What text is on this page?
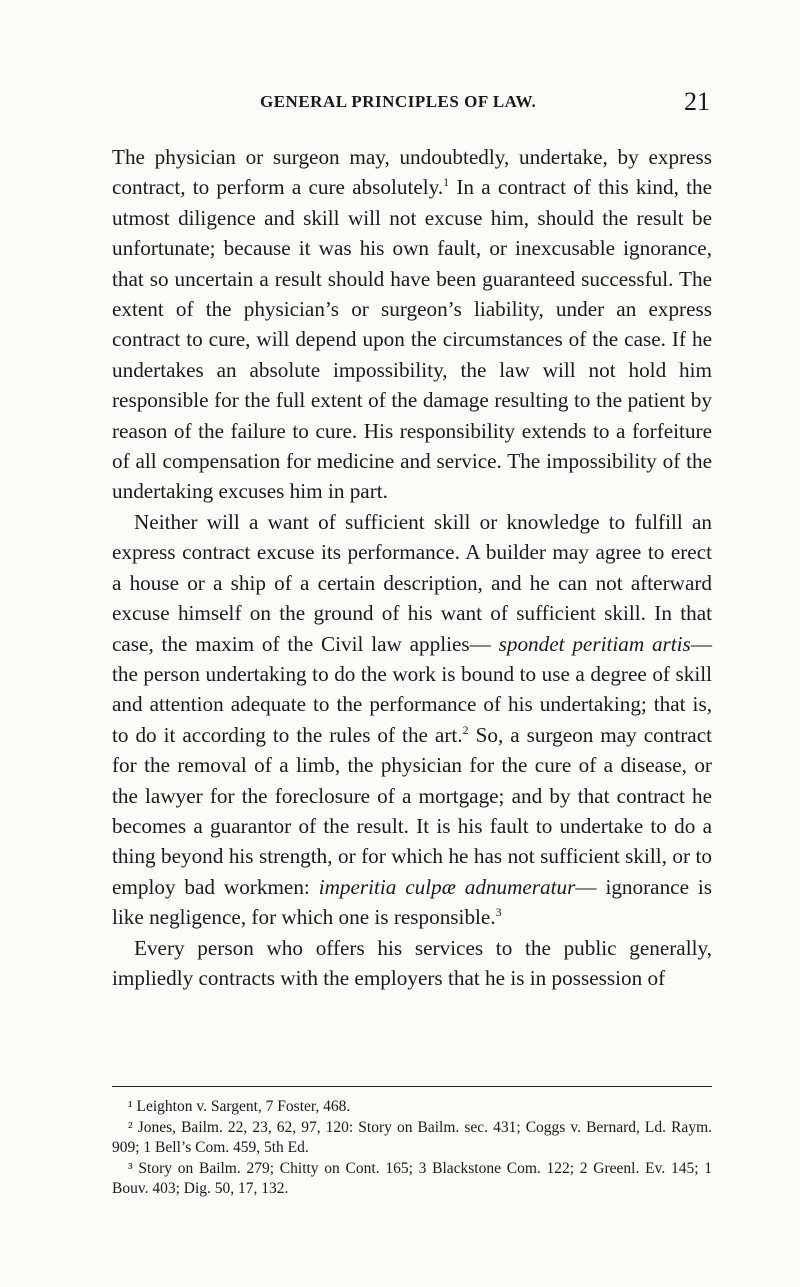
GENERAL PRINCIPLES OF LAW.	21

The physician or surgeon may, undoubtedly, undertake, by express contract, to perform a cure absolutely.$^1$ In a contract of this kind, the utmost diligence and skill will not excuse him, should the result be unfortunate; because it was his own fault, or inexcusable ignorance, that so uncertain a result should have been guaranteed successful. The extent of the physician’s or surgeon’s liability, under an express contract to cure, will depend upon the circumstances of the case. If he undertakes an absolute impossibility, the law will not hold him responsible for the full extent of the damage resulting to the patient by reason of the failure to cure. His responsibility extends to a forfeiture of all compensation for medicine and service. The impossibility of the undertaking excuses him in part.

Neither will a want of sufficient skill or knowledge to fulfill an express contract excuse its performance. A builder may agree to erect a house or a ship of a certain description, and he can not afterward excuse himself on the ground of his want of sufficient skill. In that case, the maxim of the Civil law applies— spondet peritiam artis—the person undertaking to do the work is bound to use a degree of skill and attention adequate to the performance of his undertaking; that is, to do it according to the rules of the art.$^2$ So, a surgeon may contract for the removal of a limb, the physician for the cure of a disease, or the lawyer for the foreclosure of a mortgage; and by that contract he becomes a guarantor of the result. It is his fault to undertake to do a thing beyond his strength, or for which he has not sufficient skill, or to employ bad workmen: imperitia culpæ adnumeratur— ignorance is like negligence, for which one is responsible.$^3$

Every person who offers his services to the public generally, impliedly contracts with the employers that he is in possession of

¹ Leighton v. Sargent, 7 Foster, 468.

² Jones, Bailm. 22, 23, 62, 97, 120: Story on Bailm. sec. 431; Coggs v. Bernard, Ld. Raym. 909; 1 Bell’s Com. 459, 5th Ed.

³ Story on Bailm. 279; Chitty on Cont. 165; 3 Blackstone Com. 122; 2 Greenl. Ev. 145; 1 Bouv. 403; Dig. 50, 17, 132.
